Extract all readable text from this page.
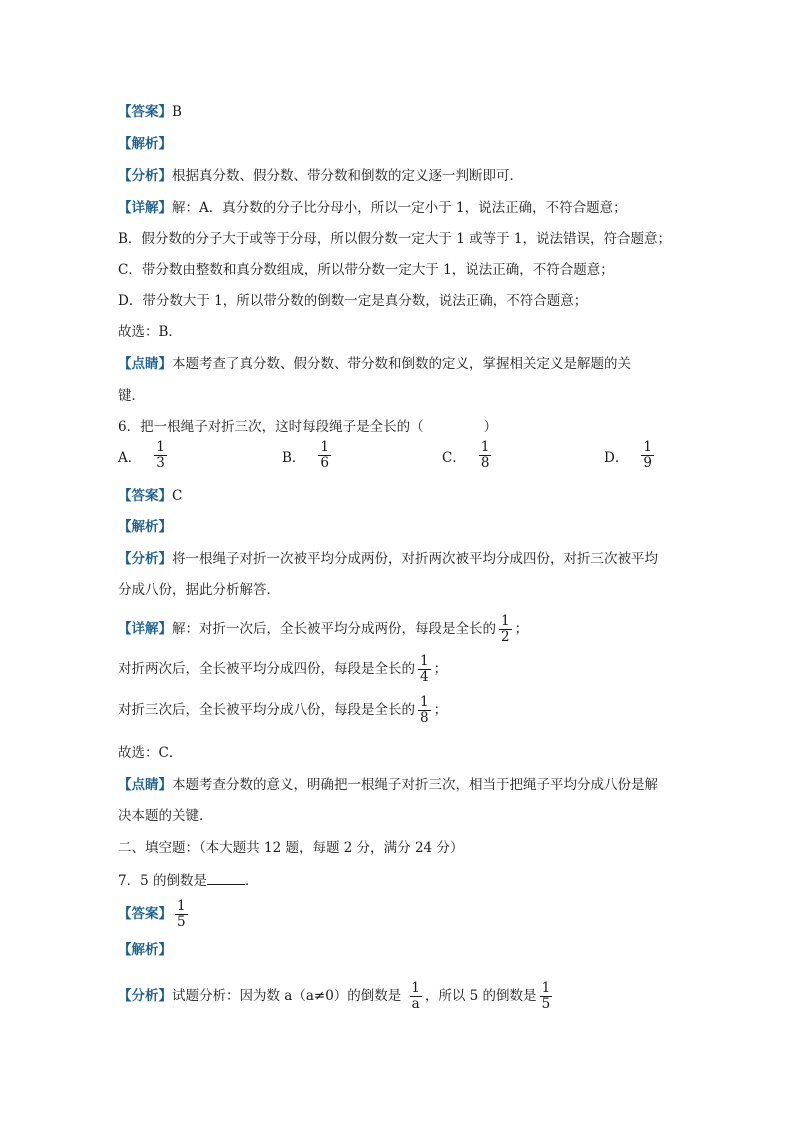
【答案】B
【解析】
【分析】根据真分数、假分数、带分数和倒数的定义逐一判断即可．
【详解】解：A．真分数的分子比分母小，所以一定小于 1，说法正确，不符合题意；
B．假分数的分子大于或等于分母，所以假分数一定大于 1 或等于 1，说法错误，符合题意；
C．带分数由整数和真分数组成，所以带分数一定大于 1，说法正确，不符合题意；
D．带分数大于 1，所以带分数的倒数一定是真分数，说法正确，不符合题意；
故选：B．
【点睛】本题考查了真分数、假分数、带分数和倒数的定义，掌握相关定义是解题的关
键．
6．把一根绳子对折三次，这时每段绳子是全长的（	）
A． $\frac{1}{3}$	B． $\frac{1}{6}$	C． $\frac{1}{8}$	D． $\frac{1}{9}$
【答案】C
【解析】
【分析】将一根绳子对折一次被平均分成两份，对折两次被平均分成四份，对折三次被平均
分成八份，据此分析解答．
【详解】解：对折一次后，全长被平均分成两份，每段是全长的 $\frac{1}{2}$ ；
对折两次后，全长被平均分成四份，每段是全长的 $\frac{1}{4}$ ；
对折三次后，全长被平均分成八份，每段是全长的 $\frac{1}{8}$ ；
故选：C．
【点睛】本题考查分数的意义，明确把一根绳子对折三次，相当于把绳子平均分成八份是解
决本题的关键．
二、填空题：（本大题共 12 题，每题 2 分，满分 24 分）
7．5 的倒数是	．
【答案】 $\frac{1}{5}$
【解析】
【分析】试题分析：因为数 a（a≠0）的倒数是 $\frac{1}{a}$ ，所以 5 的倒数是 $\frac{1}{5}$
